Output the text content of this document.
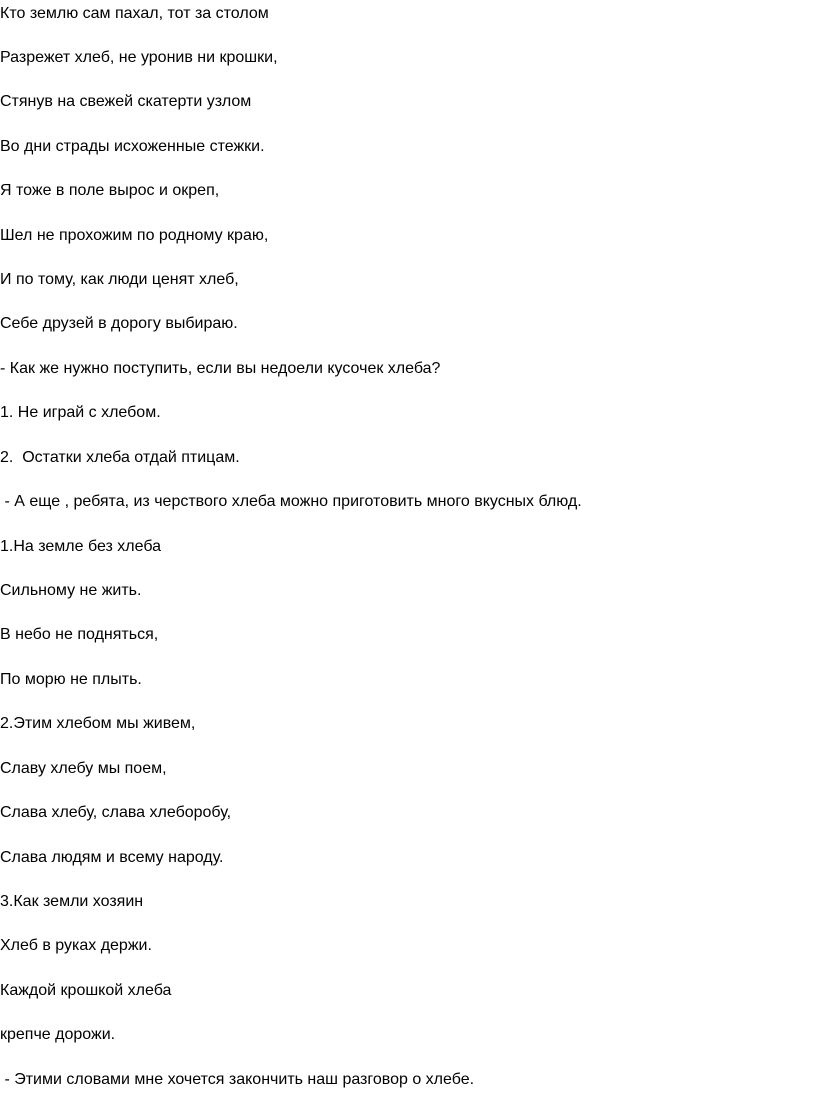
Кто землю сам пахал, тот за столом

Разрежет хлеб, не уронив ни крошки,

Стянув на свежей скатерти узлом

Во дни страды исхоженные стежки.

Я тоже в поле вырос и окреп,

Шел не прохожим по родному краю,

И по тому, как люди ценят хлеб,

Себе друзей в дорогу выбираю.

- Как же нужно поступить, если вы недоели кусочек хлеба?

1. Не играй с хлебом.

2.  Остатки хлеба отдай птицам.

- А еще , ребята, из черствого хлеба можно приготовить много вкусных блюд.

1.На земле без хлеба

Сильному не жить.

В небо не подняться,

По морю не плыть.

2.Этим хлебом мы живем,

Славу хлебу мы поем,

Слава хлебу, слава хлеборобу,

Слава людям и всему народу.

3.Как земли хозяин

Хлеб в руках держи.

Каждой крошкой хлеба

крепче дорожи.

- Этими словами мне хочется закончить наш разговор о хлебе.
